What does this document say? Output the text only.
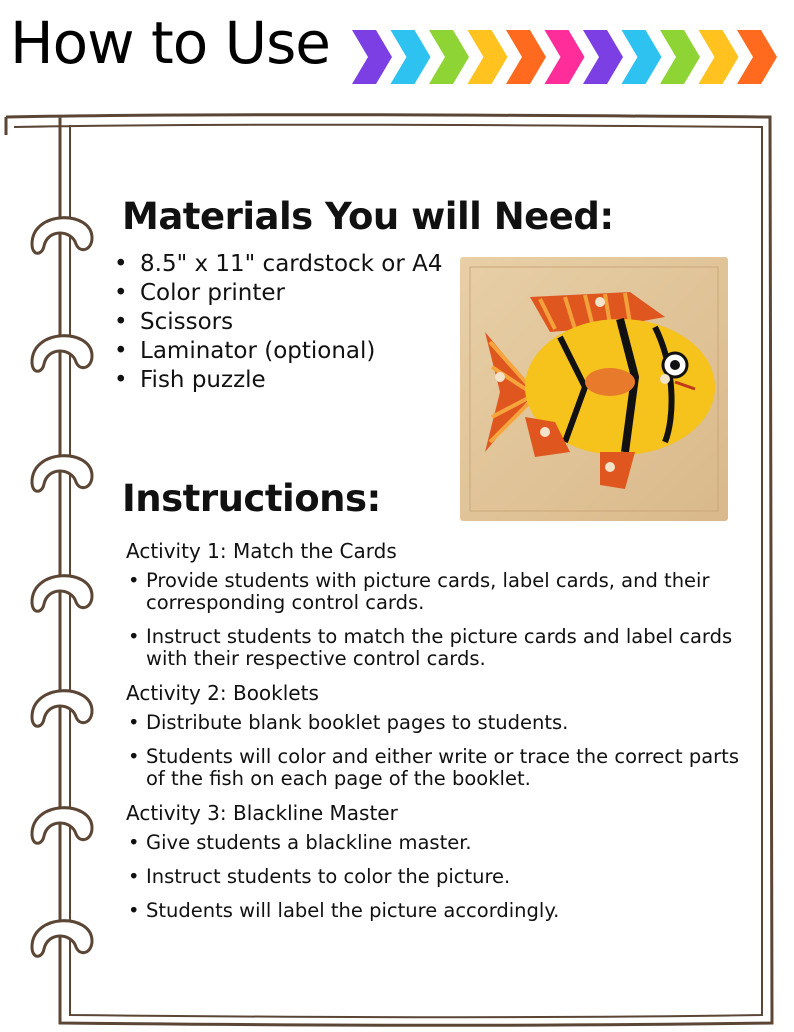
How to Use
Materials You will Need:
• 8.5" x 11" cardstock or A4
• Color printer
• Scissors
• Laminator (optional)
• Fish puzzle
Instructions:

Activity 1: Match the Cards

• Provide students with picture cards, label cards, and their corresponding control cards.
• Instruct students to match the picture cards and label cards with their respective control cards.

Activity 2: Booklets

• Distribute blank booklet pages to students.
• Students will color and either write or trace the correct parts of the fish on each page of the booklet.

Activity 3: Blackline Master

• Give students a blackline master.
• Instruct students to color the picture.
• Students will label the picture accordingly.
